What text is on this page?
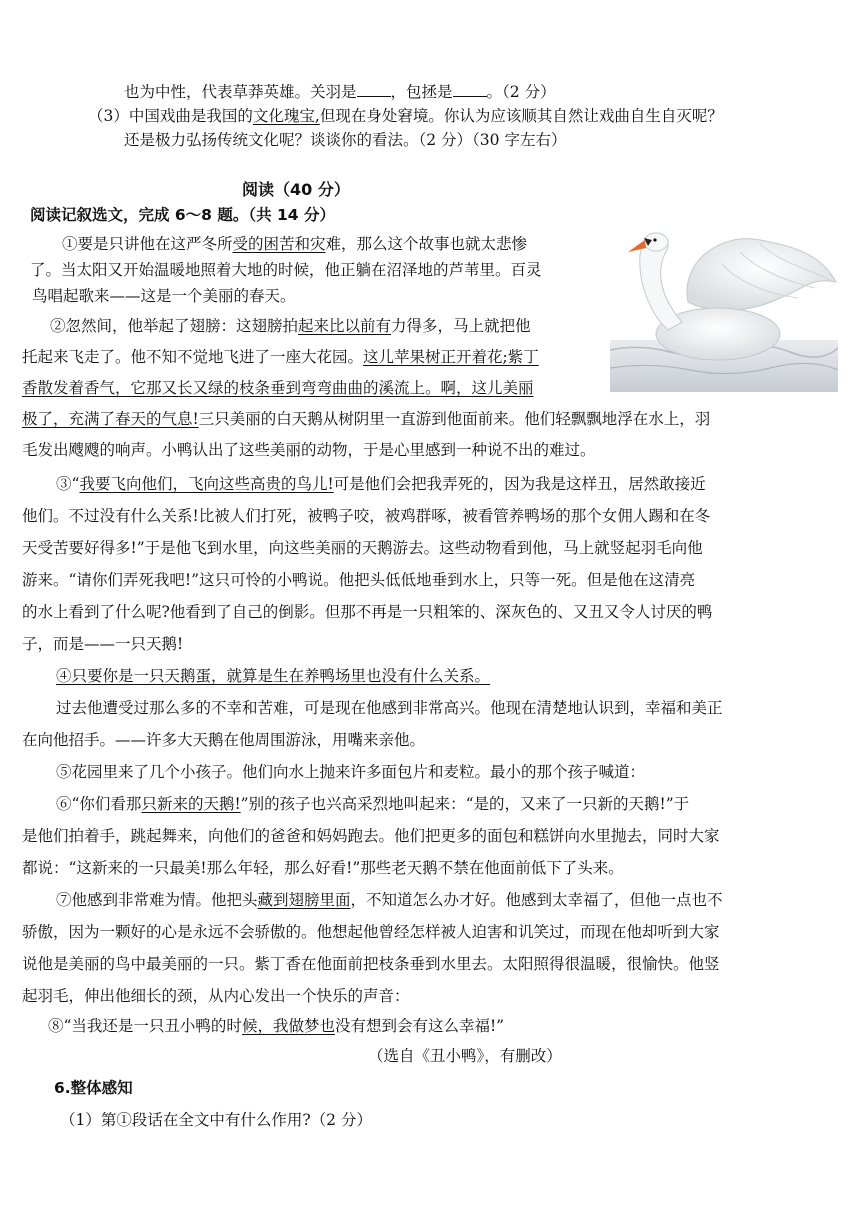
也为中性，代表草莽英雄。关羽是 ，包拯是 。（2 分）
（3）中国戏曲是我国的文化瑰宝,但现在身处窘境。你认为应该顺其自然让戏曲自生自灭呢？
还是极力弘扬传统文化呢？谈谈你的看法。（2 分）（30 字左右）
阅读（40 分）
阅读记叙选文，完成 6～8 题。（共 14 分）
①要是只讲他在这严冬所受的困苦和灾难，那么这个故事也就太悲惨
了。当太阳又开始温暖地照着大地的时候，他正躺在沼泽地的芦苇里。百灵
鸟唱起歌来——这是一个美丽的春天。
②忽然间，他举起了翅膀：这翅膀拍起来比以前有力得多，马上就把他
托起来飞走了。他不知不觉地飞进了一座大花园。这儿苹果树正开着花;紫丁
香散发着香气，它那又长又绿的枝条垂到弯弯曲曲的溪流上。啊，这儿美丽
极了，充满了春天的气息!三只美丽的白天鹅从树阴里一直游到他面前来。他们轻飘飘地浮在水上，羽
毛发出飕飕的响声。小鸭认出了这些美丽的动物，于是心里感到一种说不出的难过。
③“我要飞向他们，飞向这些高贵的鸟儿!可是他们会把我弄死的，因为我是这样丑，居然敢接近
他们。不过没有什么关系!比被人们打死，被鸭子咬，被鸡群啄，被看管养鸭场的那个女佣人踢和在冬
天受苦要好得多!”于是他飞到水里，向这些美丽的天鹅游去。这些动物看到他，马上就竖起羽毛向他
游来。“请你们弄死我吧!”这只可怜的小鸭说。他把头低低地垂到水上，只等一死。但是他在这清亮
的水上看到了什么呢?他看到了自己的倒影。但那不再是一只粗笨的、深灰色的、又丑又令人讨厌的鸭
子，而是——一只天鹅!
④只要你是一只天鹅蛋，就算是生在养鸭场里也没有什么关系。
过去他遭受过那么多的不幸和苦难，可是现在他感到非常高兴。他现在清楚地认识到，幸福和美正
在向他招手。——许多大天鹅在他周围游泳，用嘴来亲他。
⑤花园里来了几个小孩子。他们向水上抛来许多面包片和麦粒。最小的那个孩子喊道：
⑥“你们看那只新来的天鹅!”别的孩子也兴高采烈地叫起来：“是的，又来了一只新的天鹅!”于
是他们拍着手，跳起舞来，向他们的爸爸和妈妈跑去。他们把更多的面包和糕饼向水里抛去，同时大家
都说：“这新来的一只最美!那么年轻，那么好看!”那些老天鹅不禁在他面前低下了头来。
⑦他感到非常难为情。他把头藏到翅膀里面，不知道怎么办才好。他感到太幸福了，但他一点也不
骄傲，因为一颗好的心是永远不会骄傲的。他想起他曾经怎样被人迫害和讥笑过，而现在他却听到大家
说他是美丽的鸟中最美丽的一只。紫丁香在他面前把枝条垂到水里去。太阳照得很温暖，很愉快。他竖
起羽毛，伸出他细长的颈，从内心发出一个快乐的声音：
⑧“当我还是一只丑小鸭的时候，我做梦也没有想到会有这么幸福!”
（选自《丑小鸭》，有删改）
6.整体感知
（1）第①段话在全文中有什么作用?（2 分）
